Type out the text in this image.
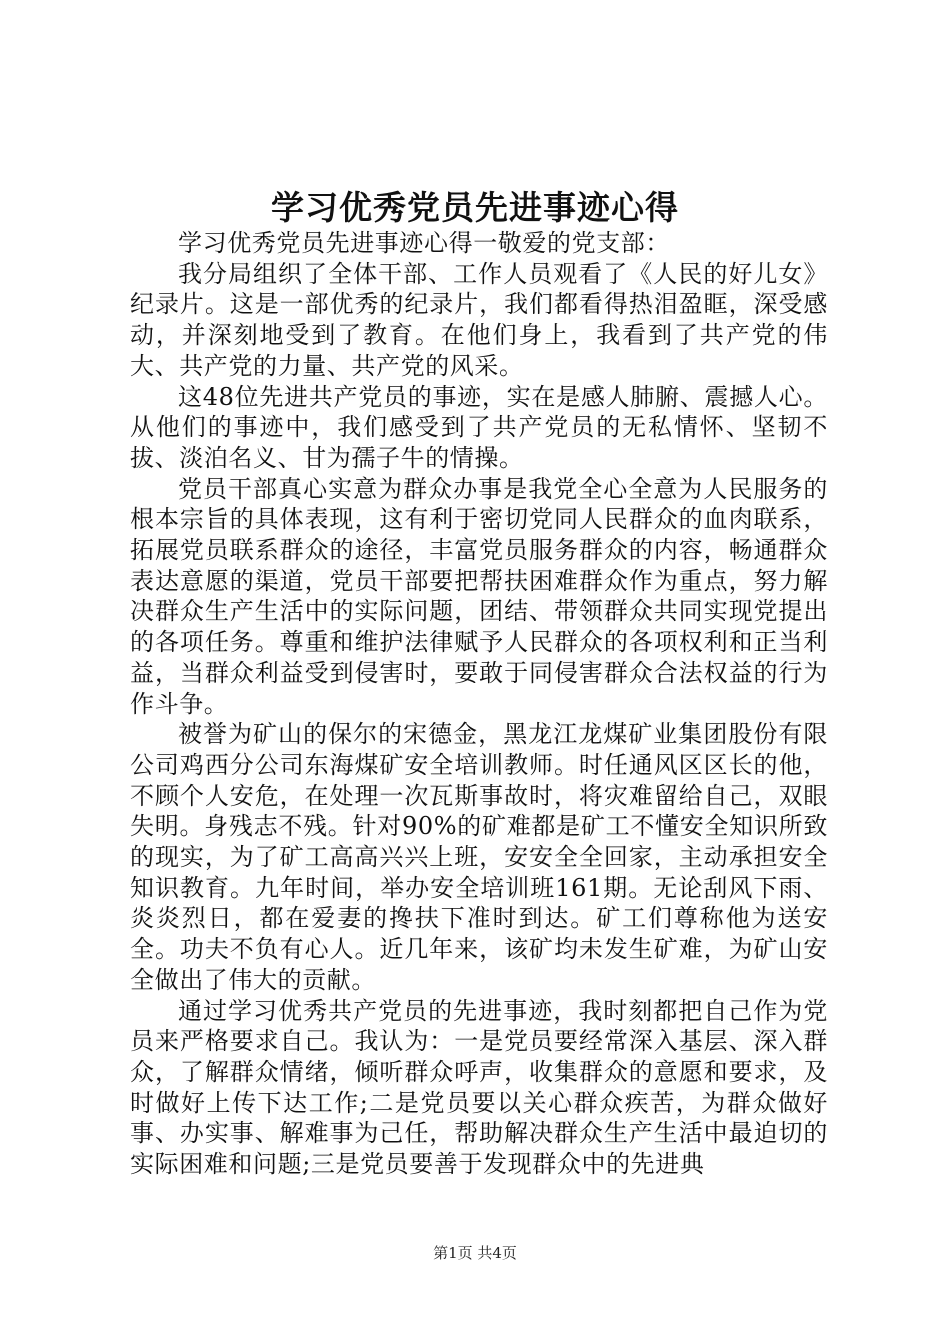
学习优秀党员先进事迹心得

学习优秀党员先进事迹心得一敬爱的党支部：

我分局组织了全体干部、工作人员观看了《人民的好儿女》纪录片。这是一部优秀的纪录片，我们都看得热泪盈眶，深受感动，并深刻地受到了教育。在他们身上，我看到了共产党的伟大、共产党的力量、共产党的风采。

这48位先进共产党员的事迹，实在是感人肺腑、震撼人心。从他们的事迹中，我们感受到了共产党员的无私情怀、坚韧不拔、淡泊名义、甘为孺子牛的情操。

党员干部真心实意为群众办事是我党全心全意为人民服务的根本宗旨的具体表现，这有利于密切党同人民群众的血肉联系，拓展党员联系群众的途径，丰富党员服务群众的内容，畅通群众表达意愿的渠道，党员干部要把帮扶困难群众作为重点，努力解决群众生产生活中的实际问题，团结、带领群众共同实现党提出的各项任务。尊重和维护法律赋予人民群众的各项权利和正当利益，当群众利益受到侵害时，要敢于同侵害群众合法权益的行为作斗争。

被誉为矿山的保尔的宋德金，黑龙江龙煤矿业集团股份有限公司鸡西分公司东海煤矿安全培训教师。时任通风区区长的他，不顾个人安危，在处理一次瓦斯事故时，将灾难留给自己，双眼失明。身残志不残。针对90%的矿难都是矿工不懂安全知识所致的现实，为了矿工高高兴兴上班，安安全全回家，主动承担安全知识教育。九年时间，举办安全培训班161期。无论刮风下雨、炎炎烈日，都在爱妻的搀扶下准时到达。矿工们尊称他为送安全。功夫不负有心人。近几年来，该矿均未发生矿难，为矿山安全做出了伟大的贡献。

通过学习优秀共产党员的先进事迹，我时刻都把自己作为党员来严格要求自己。我认为：一是党员要经常深入基层、深入群众，了解群众情绪，倾听群众呼声，收集群众的意愿和要求，及时做好上传下达工作;二是党员要以关心群众疾苦，为群众做好事、办实事、解难事为己任，帮助解决群众生产生活中最迫切的实际困难和问题;三是党员要善于发现群众中的先进典

第1页 共4页
